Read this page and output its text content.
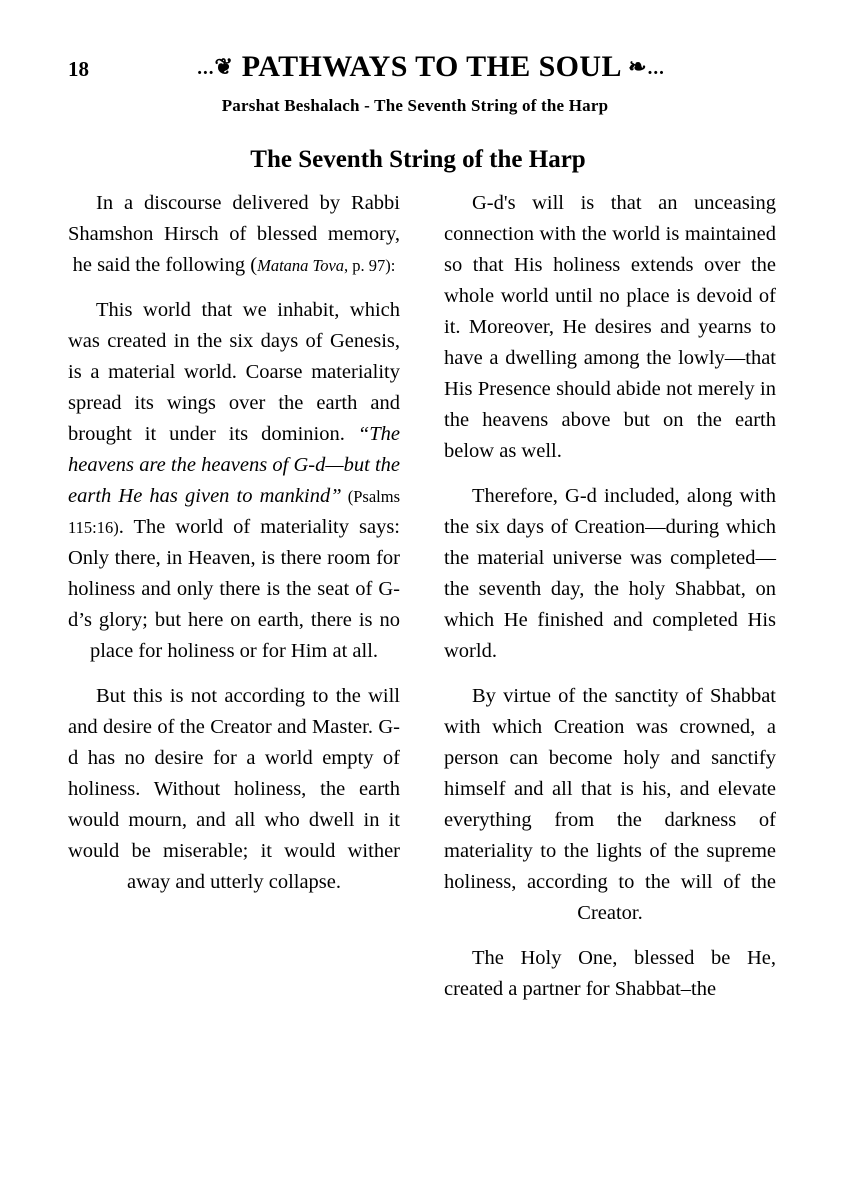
18	...❦ PATHWAYS TO THE SOUL ❧...
Parshat Beshalach - The Seventh String of the Harp
The Seventh String of the Harp

In a discourse delivered by Rabbi Shamshon Hirsch of blessed memory, he said the following (Matana Tova, p. 97):

This world that we inhabit, which was created in the six days of Genesis, is a material world. Coarse materiality spread its wings over the earth and brought it under its dominion. “The heavens are the heavens of G-d—but the earth He has given to mankind” (Psalms 115:16). The world of materiality says: Only there, in Heaven, is there room for holiness and only there is the seat of G-d’s glory; but here on earth, there is no place for holiness or for Him at all.

But this is not according to the will and desire of the Creator and Master. G-d has no desire for a world empty of holiness. Without holiness, the earth would mourn, and all who dwell in it would be miserable; it would wither away and utterly collapse.

G-d's will is that an unceasing connection with the world is maintained so that His holiness extends over the whole world until no place is devoid of it. Moreover, He desires and yearns to have a dwelling among the lowly—that His Presence should abide not merely in the heavens above but on the earth below as well.

Therefore, G-d included, along with the six days of Creation—during which the material universe was completed—the seventh day, the holy Shabbat, on which He finished and completed His world.

By virtue of the sanctity of Shabbat with which Creation was crowned, a person can become holy and sanctify himself and all that is his, and elevate everything from the darkness of materiality to the lights of the supreme holiness, according to the will of the Creator.

The Holy One, blessed be He, created a partner for Shabbat–the
